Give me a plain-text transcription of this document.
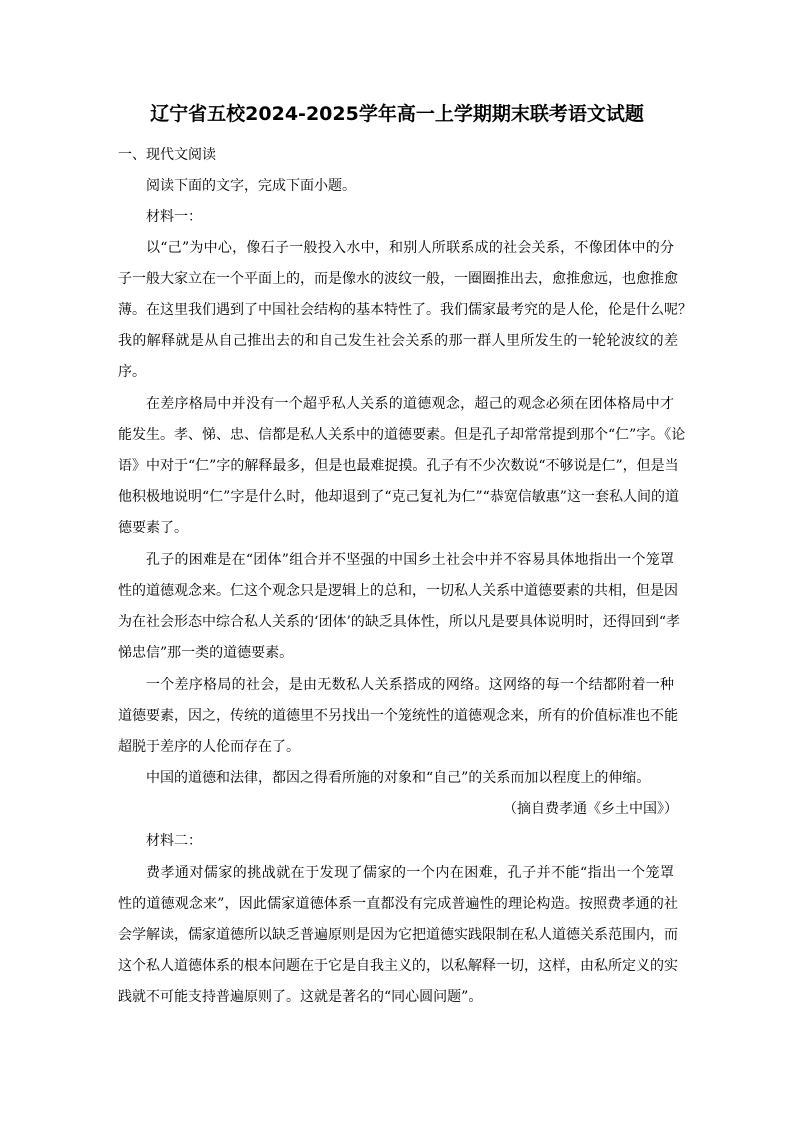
辽宁省五校2024-2025学年高一上学期期末联考语文试题
一、现代文阅读
阅读下面的文字，完成下面小题。
材料一：
以“己”为中心，像石子一般投入水中，和别人所联系成的社会关系，不像团体中的分
子一般大家立在一个平面上的，而是像水的波纹一般，一圈圈推出去，愈推愈远，也愈推愈
薄。在这里我们遇到了中国社会结构的基本特性了。我们儒家最考究的是人伦，伦是什么呢？
我的解释就是从自己推出去的和自己发生社会关系的那一群人里所发生的一轮轮波纹的差
序。
在差序格局中并没有一个超乎私人关系的道德观念，超己的观念必须在团体格局中才
能发生。孝、悌、忠、信都是私人关系中的道德要素。但是孔子却常常提到那个“仁”字。《论
语》中对于“仁”字的解释最多，但是也最难捉摸。孔子有不少次数说“不够说是仁”，但是当
他积极地说明“仁”字是什么时，他却退到了“克己复礼为仁”“恭宽信敏惠”这一套私人间的道
德要素了。
孔子的困难是在“团体”组合并不坚强的中国乡土社会中并不容易具体地指出一个笼罩
性的道德观念来。仁这个观念只是逻辑上的总和，一切私人关系中道德要素的共相，但是因
为在社会形态中综合私人关系的‘团体’的缺乏具体性，所以凡是要具体说明时，还得回到“孝
悌忠信”那一类的道德要素。
一个差序格局的社会，是由无数私人关系搭成的网络。这网络的每一个结都附着一种
道德要素，因之，传统的道德里不另找出一个笼统性的道德观念来，所有的价值标准也不能
超脱于差序的人伦而存在了。
中国的道德和法律，都因之得看所施的对象和“自己”的关系而加以程度上的伸缩。
（摘自费孝通《乡土中国》）
材料二：
费孝通对儒家的挑战就在于发现了儒家的一个内在困难，孔子并不能“指出一个笼罩
性的道德观念来”，因此儒家道德体系一直都没有完成普遍性的理论构造。按照费孝通的社
会学解读，儒家道德所以缺乏普遍原则是因为它把道德实践限制在私人道德关系范围内，而
这个私人道德体系的根本问题在于它是自我主义的，以私解释一切，这样，由私所定义的实
践就不可能支持普遍原则了。这就是著名的“同心圆问题”。
